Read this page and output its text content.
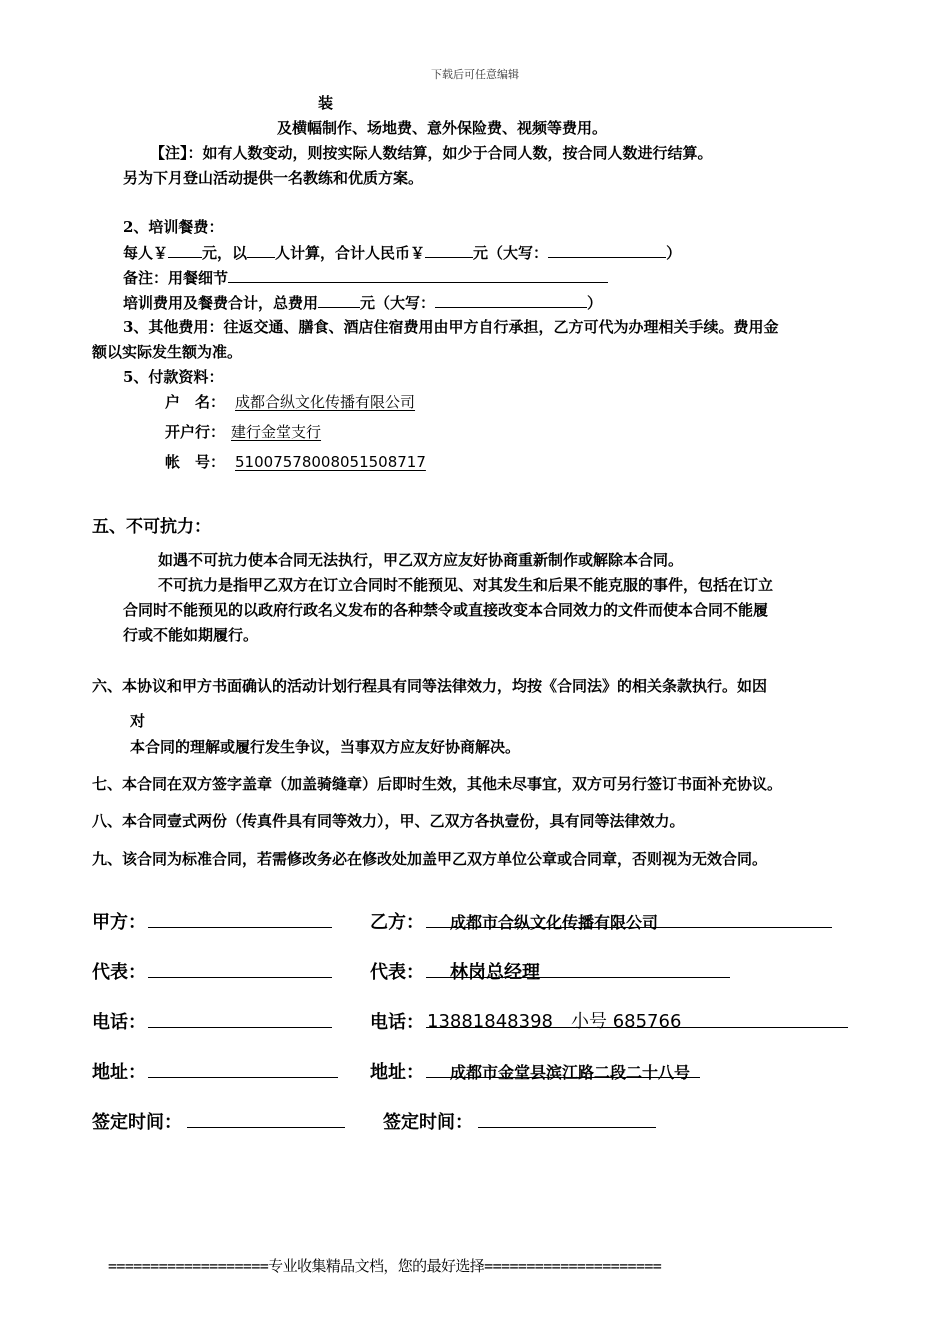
下载后可任意编辑
装
及横幅制作、场地费、意外保险费、视频等费用。
【注】：如有人数变动，则按实际人数结算，如少于合同人数，按合同人数进行结算。
另为下月登山活动提供一名教练和优质方案。
2、培训餐费：
每人￥ 元，以 人计算，合计人民币￥	元（大写：	）
备注：用餐细节
培训费用及餐费合计，总费用	元（大写：	）
3、其他费用：往返交通、膳食、酒店住宿费用由甲方自行承担，乙方可代为办理相关手续。费用金
额以实际发生额为准。
5、付款资料：
户　名： 成都合纵文化传播有限公司
开户行： 建行金堂支行
帐　号： 51007578008051508717
五、不可抗力：
如遇不可抗力使本合同无法执行，甲乙双方应友好协商重新制作或解除本合同。
不可抗力是指甲乙双方在订立合同时不能预见、对其发生和后果不能克服的事件，包括在订立
合同时不能预见的以政府行政名义发布的各种禁令或直接改变本合同效力的文件而使本合同不能履
行或不能如期履行。
六、本协议和甲方书面确认的活动计划行程具有同等法律效力，均按《合同法》的相关条款执行。如因
对
本合同的理解或履行发生争议，当事双方应友好协商解决。
七、本合同在双方签字盖章（加盖骑缝章）后即时生效，其他未尽事宜，双方可另行签订书面补充协议。
八、本合同壹式两份（传真件具有同等效力），甲、乙双方各执壹份，具有同等法律效力。
九、该合同为标准合同，若需修改务必在修改处加盖甲乙双方单位公章或合同章，否则视为无效合同。
甲方：	乙方： 成都市合纵文化传播有限公司
代表：	代表： 林岗总经理
电话：	电话： 13881848398　小号 685766
地址：	地址： 成都市金堂县滨江路二段二十八号
签定时间：	签定时间：
===================专业收集精品文档，您的最好选择=====================
